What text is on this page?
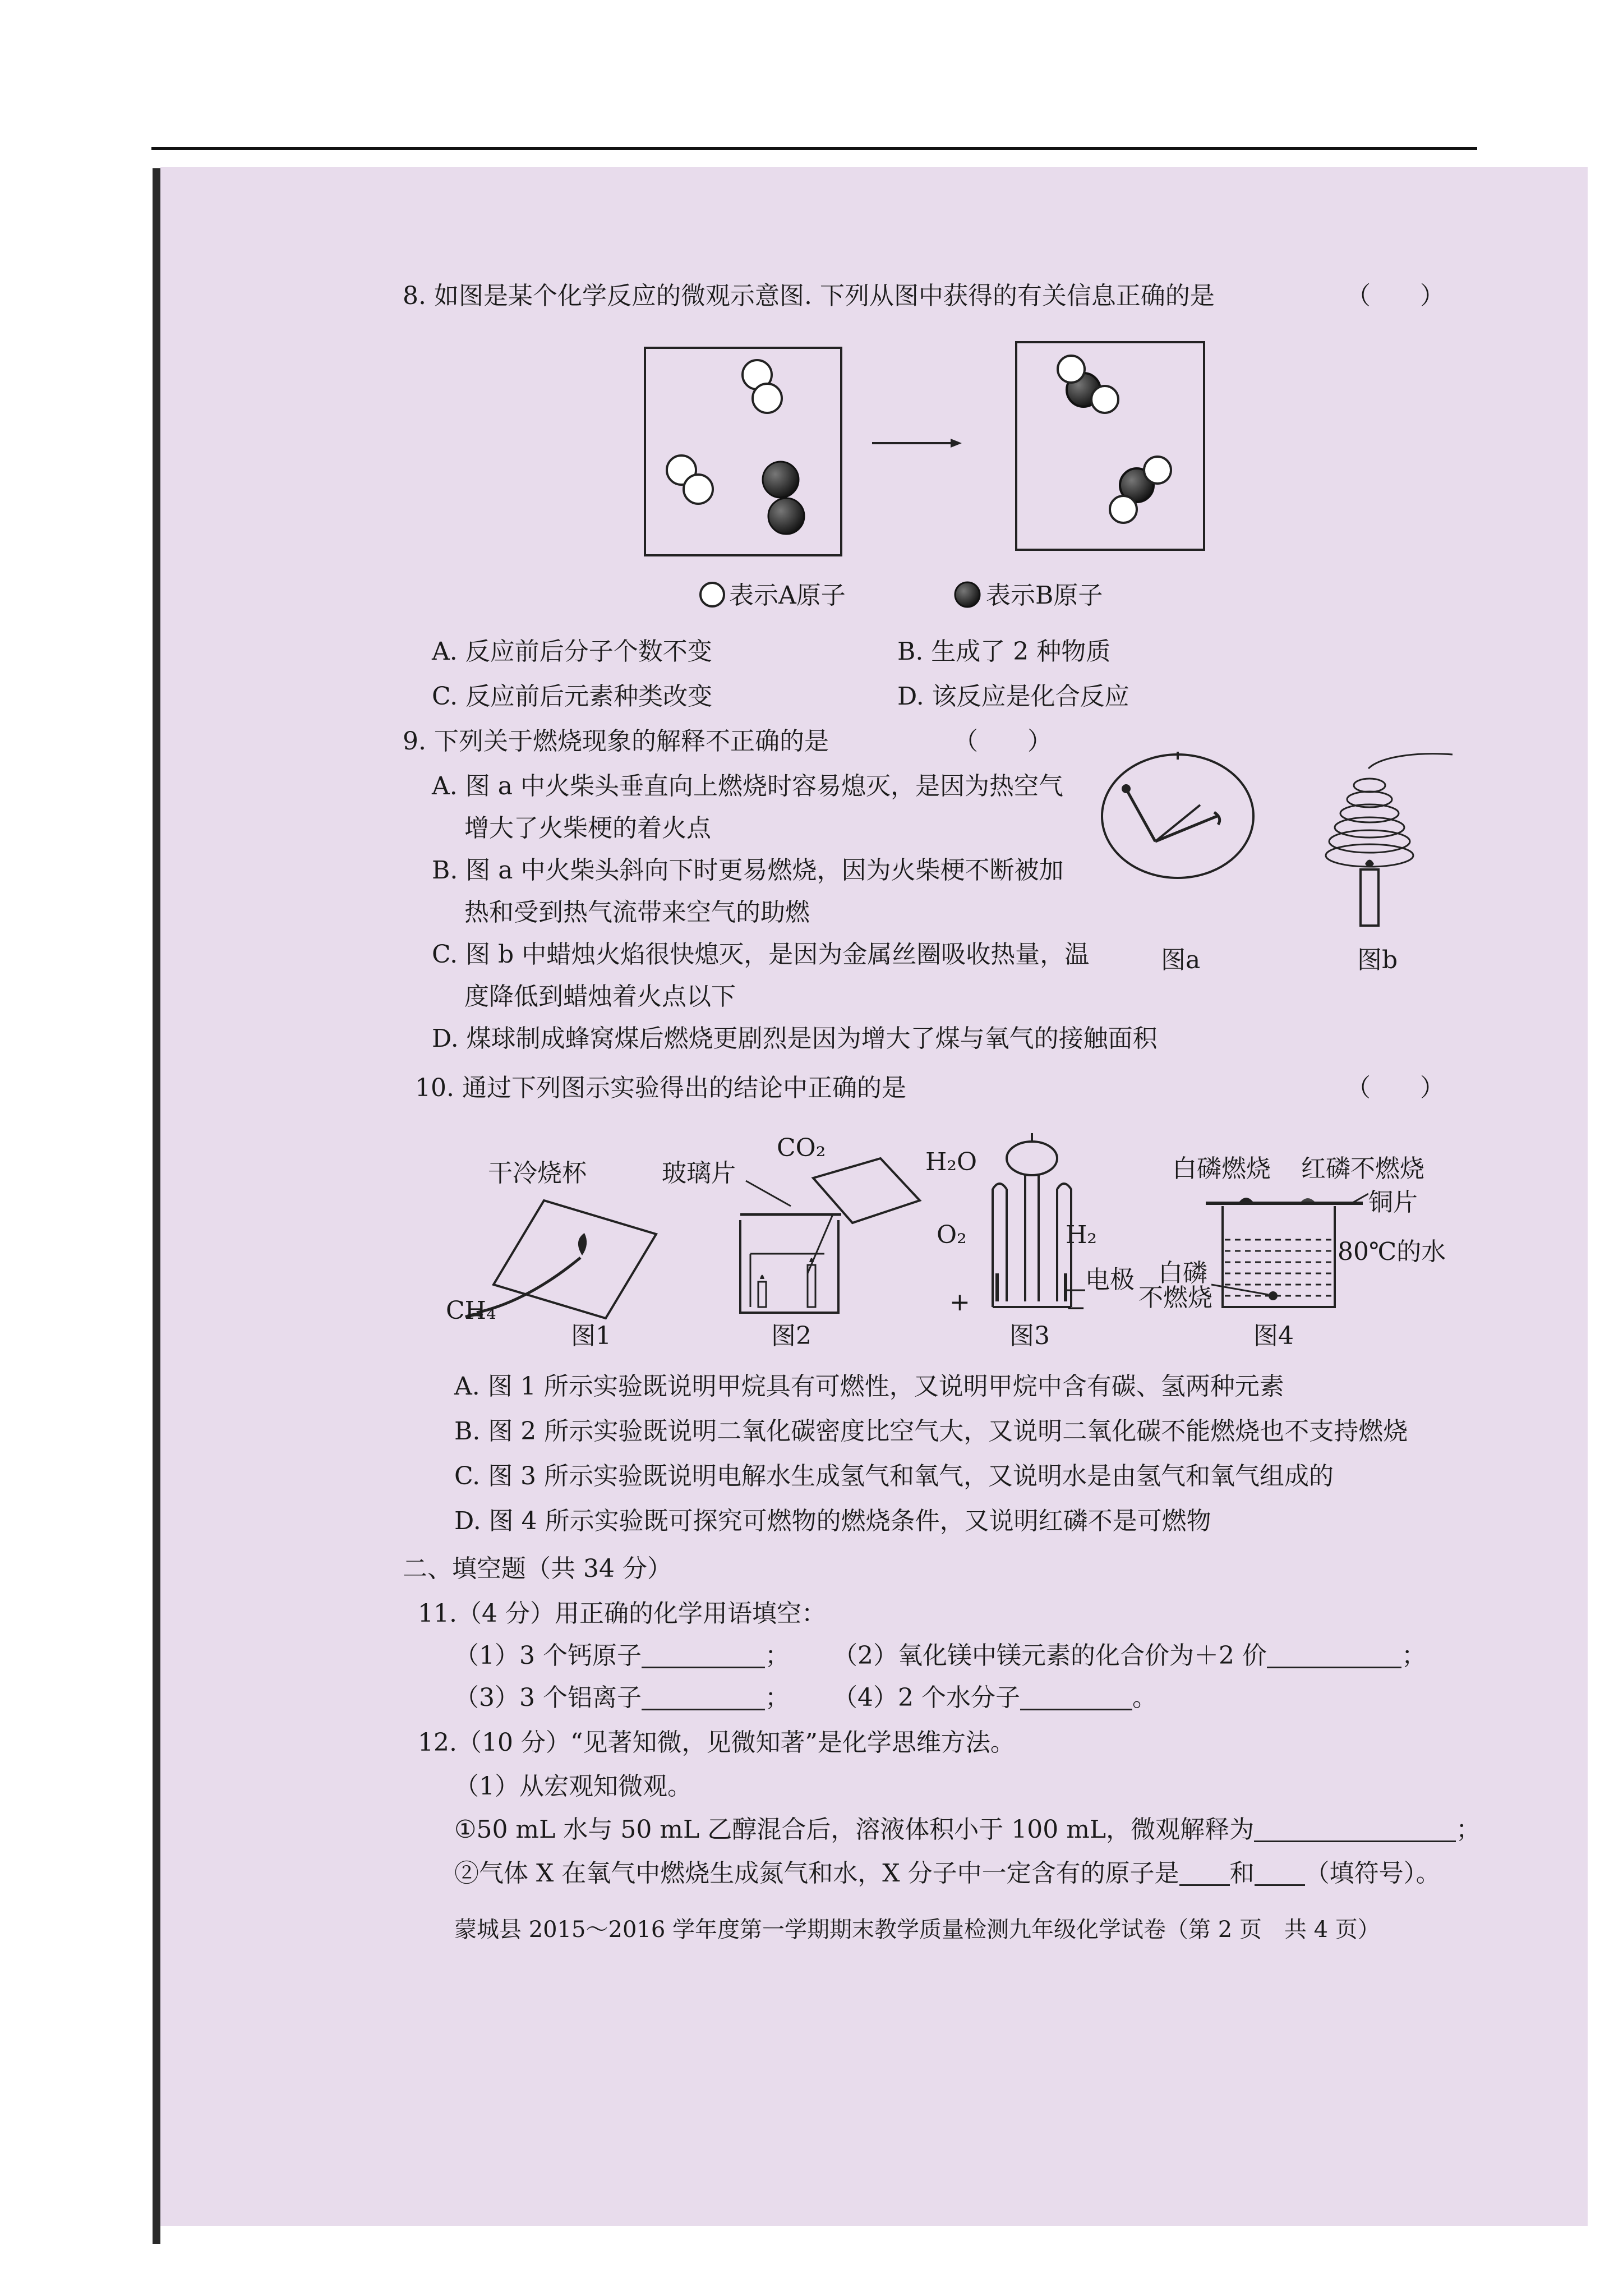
8. 如图是某个化学反应的微观示意图. 下列从图中获得的有关信息正确的是	（　　）
表示A原子	表示B原子
A. 反应前后分子个数不变	B. 生成了 2 种物质
C. 反应前后元素种类改变	D. 该反应是化合反应
9. 下列关于燃烧现象的解释不正确的是	（　　）
A. 图 a 中火柴头垂直向上燃烧时容易熄灭，是因为热空气
增大了火柴梗的着火点
B. 图 a 中火柴头斜向下时更易燃烧，因为火柴梗不断被加
热和受到热气流带来空气的助燃
C. 图 b 中蜡烛火焰很快熄灭，是因为金属丝圈吸收热量，温
度降低到蜡烛着火点以下
D. 煤球制成蜂窝煤后燃烧更剧烈是因为增大了煤与氧气的接触面积
图a	图b
10. 通过下列图示实验得出的结论中正确的是	（　　）
干冷烧杯
CH₄
图1
玻璃片
CO₂
图2
H₂O
O₂	H₂
+
电极
−
图3
白磷燃烧 红磷不燃烧
铜片
80℃的水
白磷
不燃烧
图4
A. 图 1 所示实验既说明甲烷具有可燃性，又说明甲烷中含有碳、氢两种元素
B. 图 2 所示实验既说明二氧化碳密度比空气大，又说明二氧化碳不能燃烧也不支持燃烧
C. 图 3 所示实验既说明电解水生成氢气和氧气，又说明水是由氢气和氧气组成的
D. 图 4 所示实验既可探究可燃物的燃烧条件，又说明红磷不是可燃物
二、填空题（共 34 分）
11.（4 分）用正确的化学用语填空：
（1）3 个钙原子	； （2）氧化镁中镁元素的化合价为＋2 价	；
（3）3 个铝离子	； （4）2 个水分子	。
12.（10 分）“见著知微，见微知著”是化学思维方法。
（1）从宏观知微观。
①50 mL 水与 50 mL 乙醇混合后，溶液体积小于 100 mL，微观解释为	；
②气体 X 在氧气中燃烧生成氮气和水，X 分子中一定含有的原子是 和 （填符号）。
蒙城县 2015～2016 学年度第一学期期末教学质量检测九年级化学试卷（第 2 页　共 4 页）
